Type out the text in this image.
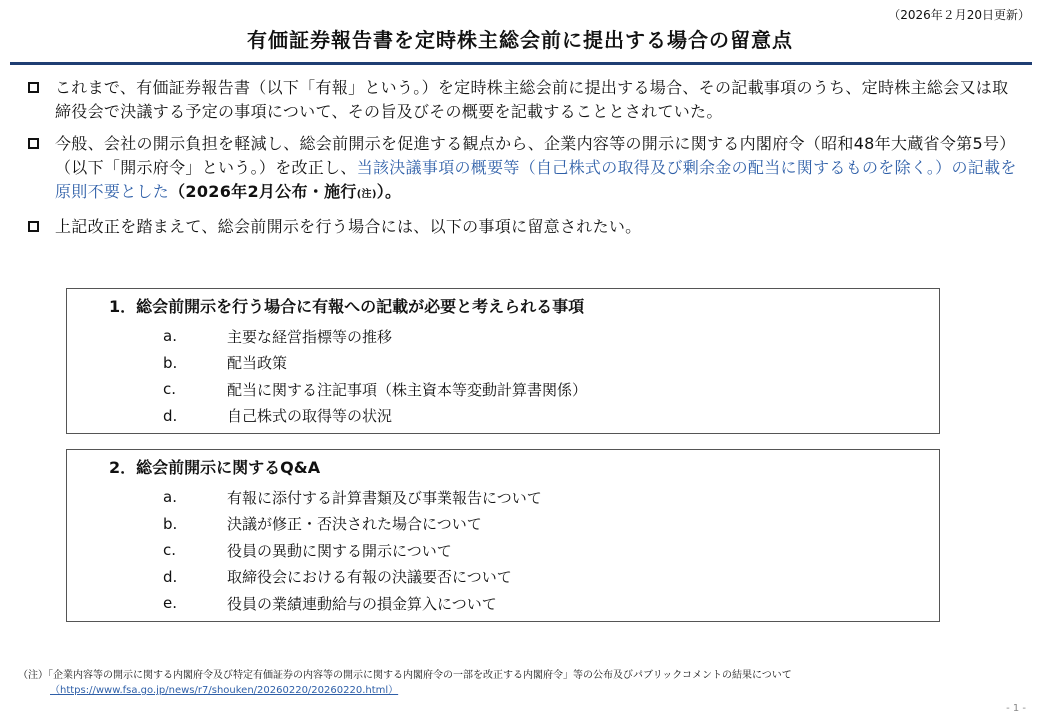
（2026年２月20日更新）
有価証券報告書を定時株主総会前に提出する場合の留意点
これまで、有価証券報告書（以下「有報」という。）を定時株主総会前に提出する場合、その記載事項のうち、定時株主総会又は取締役会で決議する予定の事項について、その旨及びその概要を記載することとされていた。
今般、会社の開示負担を軽減し、総会前開示を促進する観点から、企業内容等の開示に関する内閣府令（昭和48年大蔵省令第5号）（以下「開示府令」という。）を改正し、当該決議事項の概要等（自己株式の取得及び剰余金の配当に関するものを除く。）の記載を原則不要とした（2026年2月公布・施行(注)）。
上記改正を踏まえて、総会前開示を行う場合には、以下の事項に留意されたい。
1．総会前開示を行う場合に有報への記載が必要と考えられる事項
a.	主要な経営指標等の推移
b.	配当政策
c.	配当に関する注記事項（株主資本等変動計算書関係）
d.	自己株式の取得等の状況
2．総会前開示に関するQ&A
a.	有報に添付する計算書類及び事業報告について
b.	決議が修正・否決された場合について
c.	役員の異動に関する開示について
d.	取締役会における有報の決議要否について
e.	役員の業績連動給与の損金算入について
（注）「企業内容等の開示に関する内閣府令及び特定有価証券の内容等の開示に関する内閣府令の一部を改正する内閣府令」等の公布及びパブリックコメントの結果について
（https://www.fsa.go.jp/news/r7/shouken/20260220/20260220.html）
- 1 -
